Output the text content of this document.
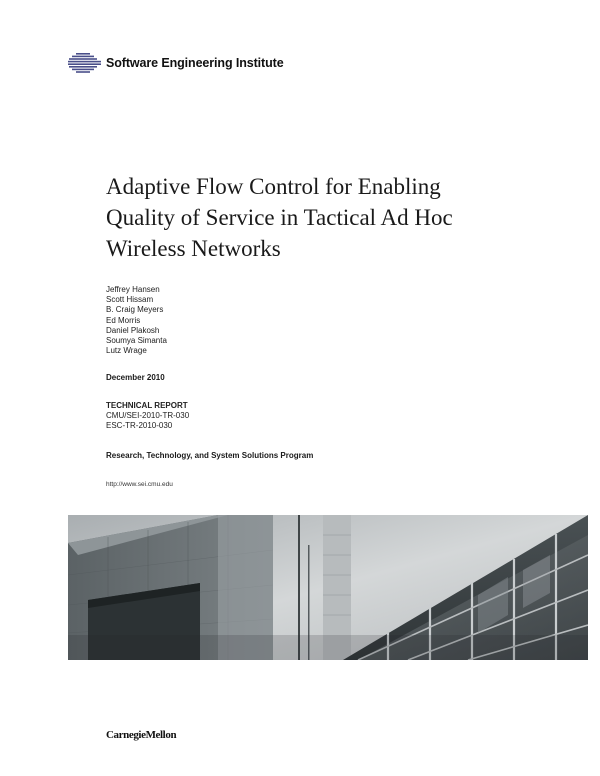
Software Engineering Institute
Adaptive Flow Control for Enabling
Quality of Service in Tactical Ad Hoc
Wireless Networks
Jeffrey Hansen
Scott Hissam
B. Craig Meyers
Ed Morris
Daniel Plakosh
Soumya Simanta
Lutz Wrage
December 2010
TECHNICAL REPORT
CMU/SEI-2010-TR-030
ESC-TR-2010-030
Research, Technology, and System Solutions Program
http://www.sei.cmu.edu
CarnegieMellon
